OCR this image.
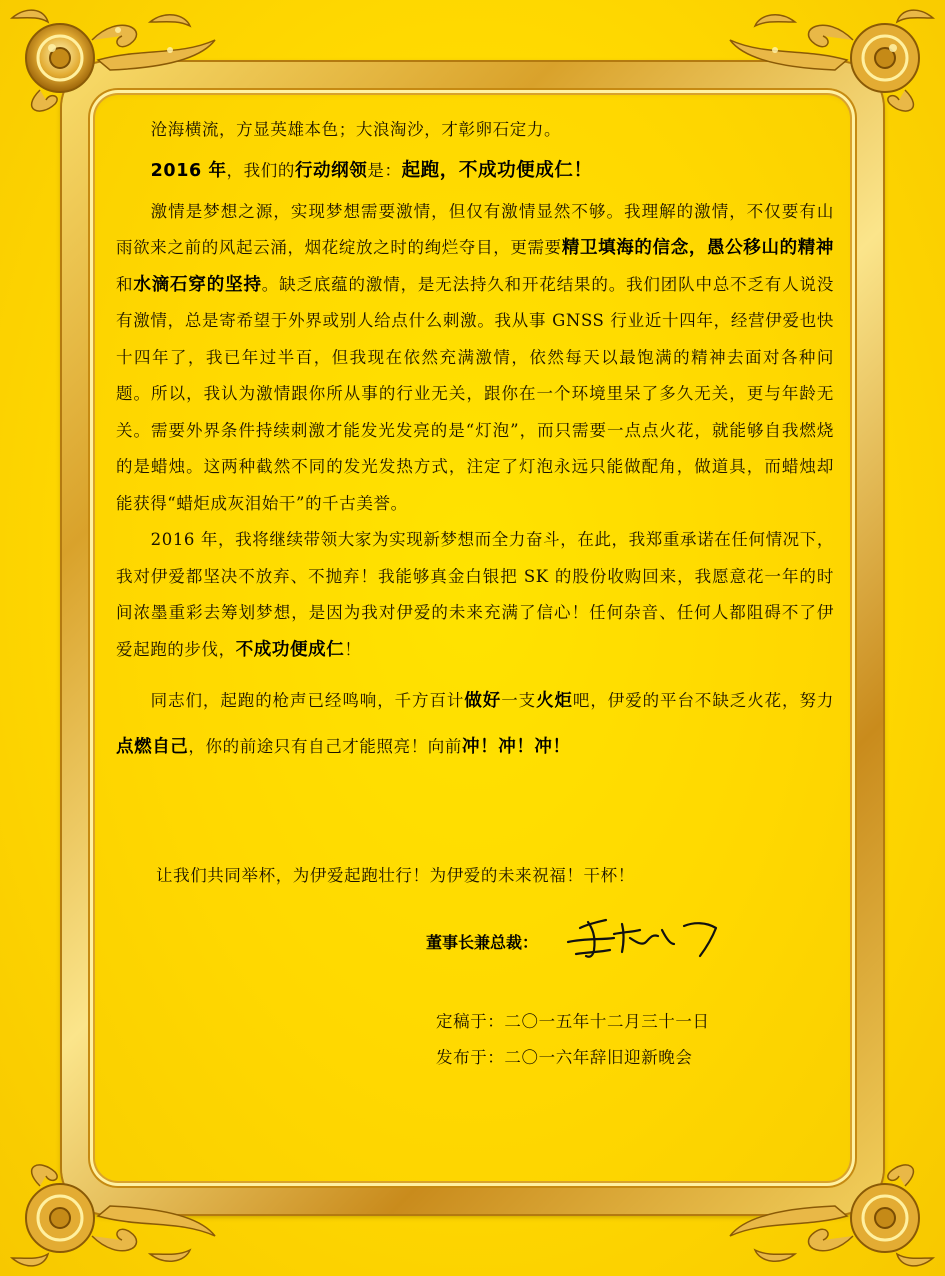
沧海横流，方显英雄本色；大浪淘沙，才彰卵石定力。

2016 年，我们的行动纲领是：起跑，不成功便成仁！

激情是梦想之源，实现梦想需要激情，但仅有激情显然不够。我理解的激情，不仅要有山雨欲来之前的风起云涌，烟花绽放之时的绚烂夺目，更需要精卫填海的信念，愚公移山的精神和水滴石穿的坚持。缺乏底蕴的激情，是无法持久和开花结果的。我们团队中总不乏有人说没有激情，总是寄希望于外界或别人给点什么刺激。我从事 GNSS 行业近十四年，经营伊爱也快十四年了，我已年过半百，但我现在依然充满激情，依然每天以最饱满的精神去面对各种问题。所以，我认为激情跟你所从事的行业无关，跟你在一个环境里呆了多久无关，更与年龄无关。需要外界条件持续刺激才能发光发亮的是“灯泡”，而只需要一点点火花，就能够自我燃烧的是蜡烛。这两种截然不同的发光发热方式，注定了灯泡永远只能做配角，做道具，而蜡烛却能获得“蜡炬成灰泪始干”的千古美誉。

2016 年，我将继续带领大家为实现新梦想而全力奋斗，在此，我郑重承诺在任何情况下，我对伊爱都坚决不放弃、不抛弃！我能够真金白银把 SK 的股份收购回来，我愿意花一年的时间浓墨重彩去筹划梦想，是因为我对伊爱的未来充满了信心！任何杂音、任何人都阻碍不了伊爱起跑的步伐，不成功便成仁！

同志们，起跑的枪声已经鸣响，千方百计做好一支火炬吧，伊爱的平台不缺乏火花，努力点燃自己，你的前途只有自己才能照亮！向前冲！冲！冲！

让我们共同举杯，为伊爱起跑壮行！为伊爱的未来祝福！干杯！
董事长兼总裁：
定稿于：二〇一五年十二月三十一日
发布于：二〇一六年辞旧迎新晚会
